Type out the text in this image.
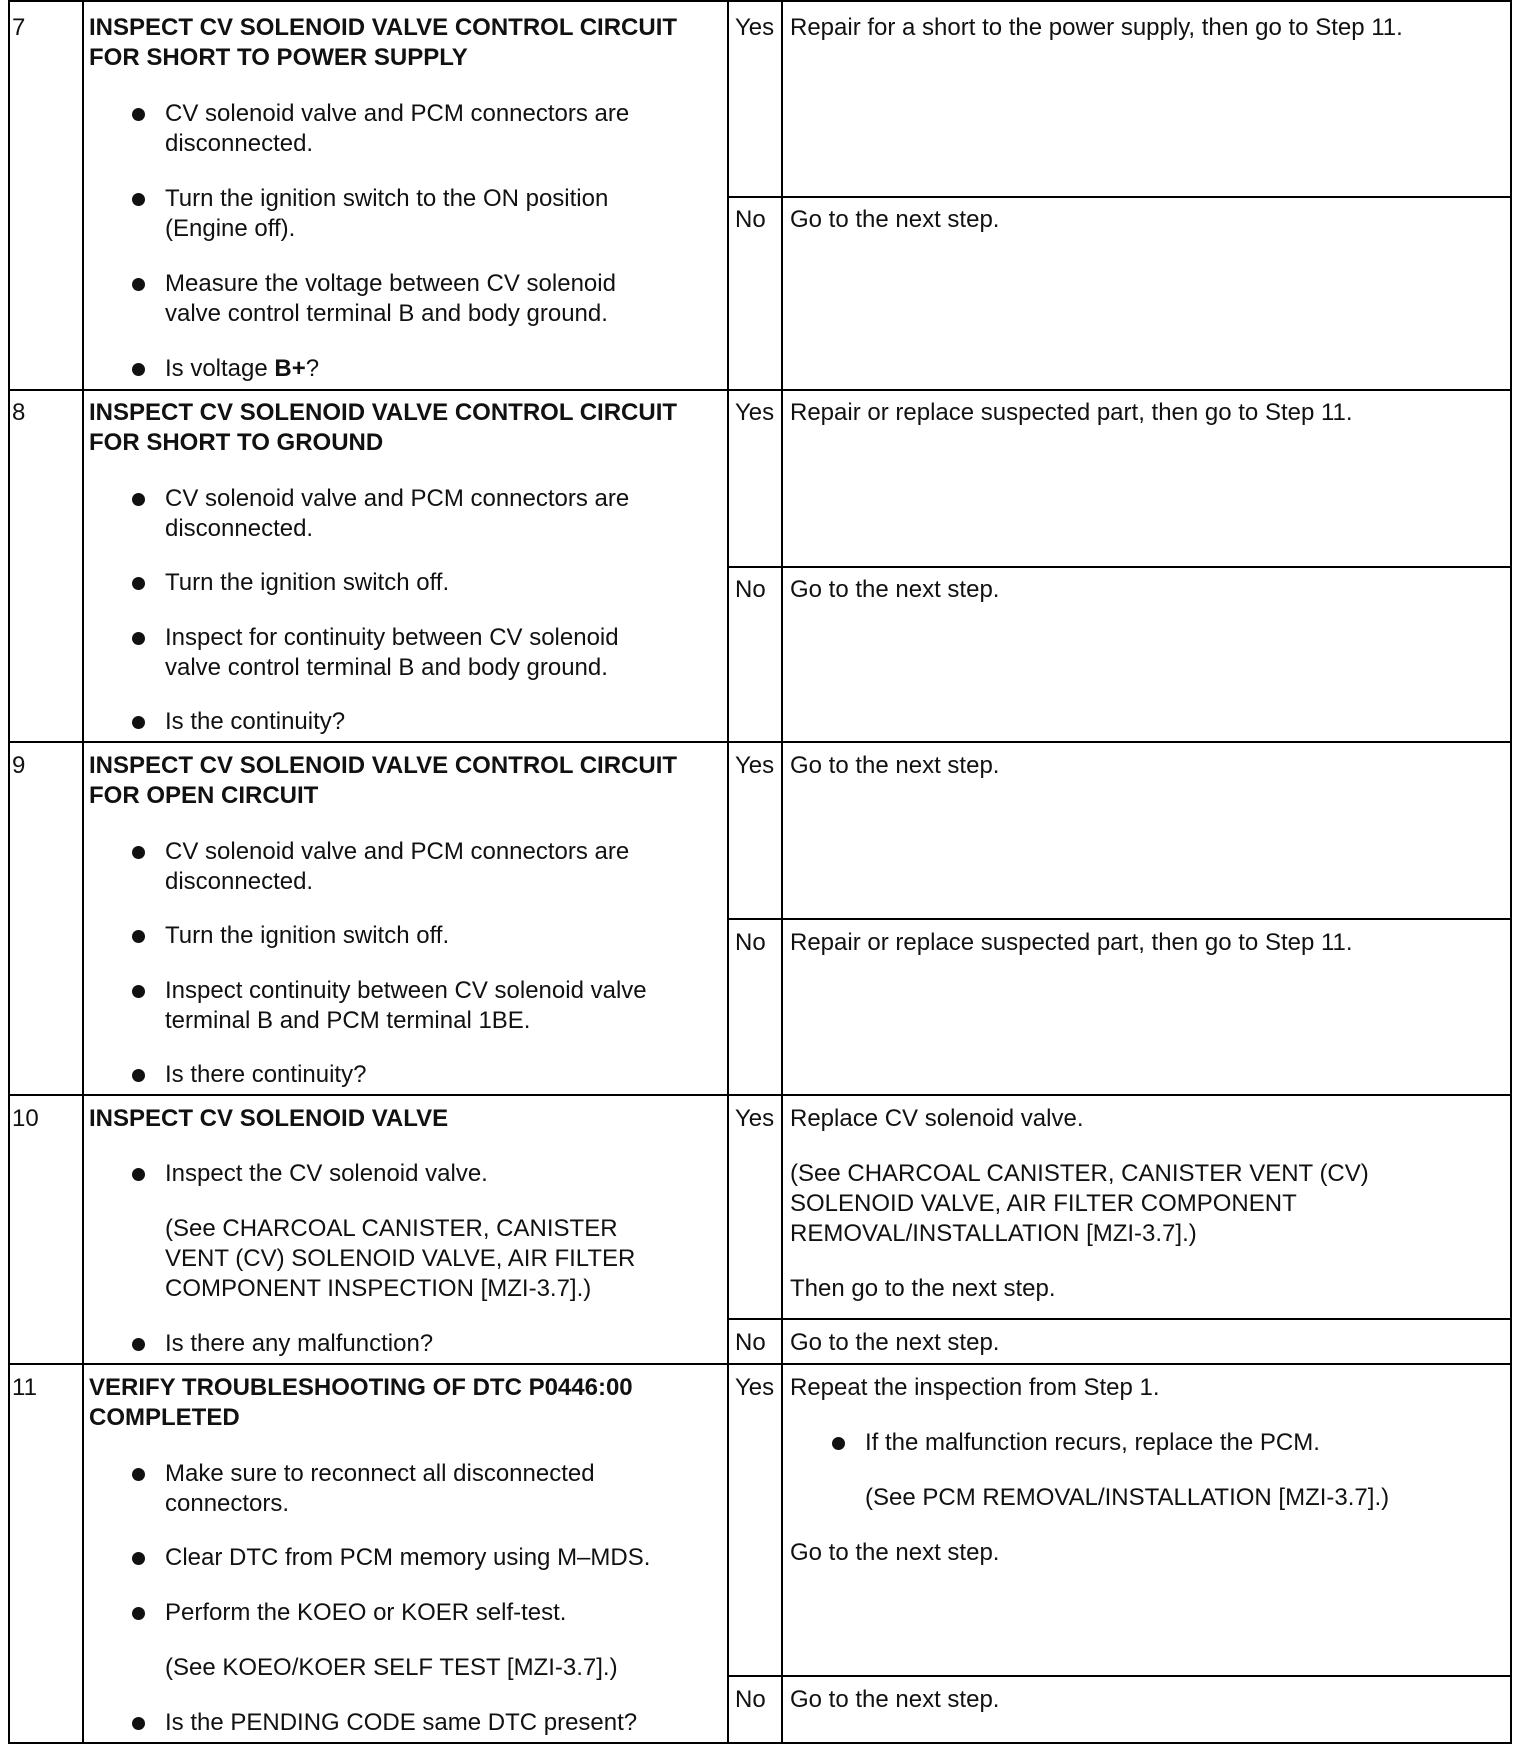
7	INSPECT CV SOLENOID VALVE CONTROL CIRCUIT
FOR SHORT TO POWER SUPPLY
CV solenoid valve and PCM connectors are
disconnected.
Turn the ignition switch to the ON position
(Engine off).
Measure the voltage between CV solenoid
valve control terminal B and body ground.
Is voltage B+?
Yes Repair for a short to the power supply, then go to Step 11.
No Go to the next step.
8	INSPECT CV SOLENOID VALVE CONTROL CIRCUIT
FOR SHORT TO GROUND
CV solenoid valve and PCM connectors are
disconnected.
Turn the ignition switch off.
Inspect for continuity between CV solenoid
valve control terminal B and body ground.
Is the continuity?
Yes Repair or replace suspected part, then go to Step 11.
No Go to the next step.
9	INSPECT CV SOLENOID VALVE CONTROL CIRCUIT
FOR OPEN CIRCUIT
CV solenoid valve and PCM connectors are
disconnected.
Turn the ignition switch off.
Inspect continuity between CV solenoid valve
terminal B and PCM terminal 1BE.
Is there continuity?
Yes Go to the next step.
No Repair or replace suspected part, then go to Step 11.
10 INSPECT CV SOLENOID VALVE
Inspect the CV solenoid valve.
(See CHARCOAL CANISTER, CANISTER
VENT (CV) SOLENOID VALVE, AIR FILTER
COMPONENT INSPECTION [MZI-3.7].)
Is there any malfunction?
Yes Replace CV solenoid valve.
(See CHARCOAL CANISTER, CANISTER VENT (CV)
SOLENOID VALVE, AIR FILTER COMPONENT
REMOVAL/INSTALLATION [MZI-3.7].)
Then go to the next step.
No Go to the next step.
11 VERIFY TROUBLESHOOTING OF DTC P0446:00
COMPLETED
Make sure to reconnect all disconnected
connectors.
Clear DTC from PCM memory using M–MDS.
Perform the KOEO or KOER self-test.
(See KOEO/KOER SELF TEST [MZI-3.7].)
Is the PENDING CODE same DTC present?
Yes Repeat the inspection from Step 1.
If the malfunction recurs, replace the PCM.
(See PCM REMOVAL/INSTALLATION [MZI-3.7].)
Go to the next step.
No Go to the next step.
